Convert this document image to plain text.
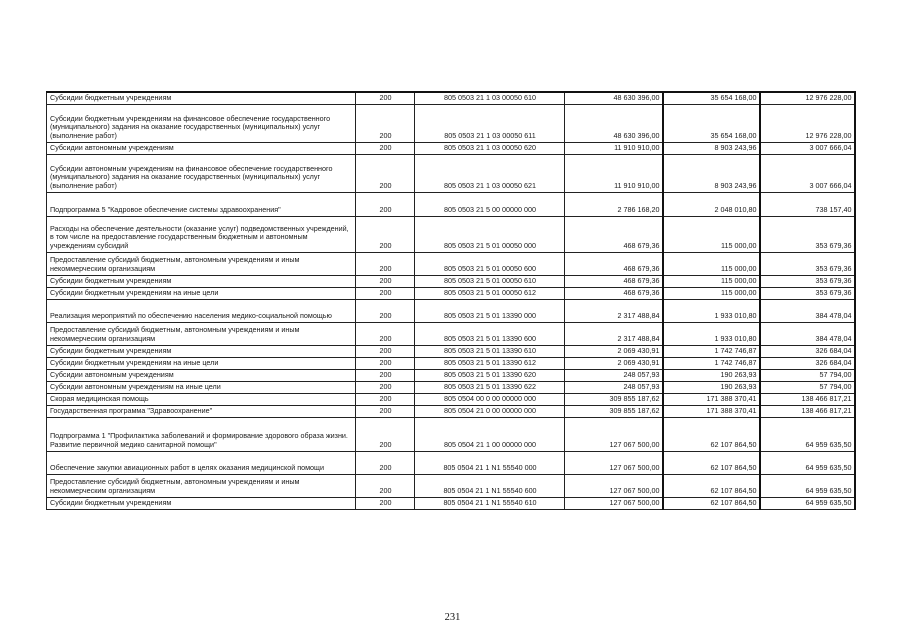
Субсидии бюджетным учреждениям	200	805 0503 21 1 03 00050 610	48 630 396,00	35 654 168,00	12 976 228,00
Субсидии бюджетным учреждениям на финансовое обеспечение государственного (муниципального) задания на оказание государственных (муниципальных) услуг (выполнение работ)	200	805 0503 21 1 03 00050 611	48 630 396,00	35 654 168,00	12 976 228,00
Субсидии автономным учреждениям	200	805 0503 21 1 03 00050 620	11 910 910,00	8 903 243,96	3 007 666,04
Субсидии автономным учреждениям на финансовое обеспечение государственного (муниципального) задания на оказание государственных (муниципальных) услуг (выполнение работ)	200	805 0503 21 1 03 00050 621	11 910 910,00	8 903 243,96	3 007 666,04
Подпрограмма 5 "Кадровое обеспечение системы здравоохранения"	200	805 0503 21 5 00 00000 000	2 786 168,20	2 048 010,80	738 157,40
Расходы на обеспечение деятельности (оказание услуг) подведомственных учреждений, в том числе на предоставление государственным бюджетным и автономным учреждениям субсидий	200	805 0503 21 5 01 00050 000	468 679,36	115 000,00	353 679,36
Предоставление субсидий бюджетным, автономным учреждениям и иным некоммерческим организациям	200	805 0503 21 5 01 00050 600	468 679,36	115 000,00	353 679,36
Субсидии бюджетным учреждениям	200	805 0503 21 5 01 00050 610	468 679,36	115 000,00	353 679,36
Субсидии бюджетным учреждениям на иные цели	200	805 0503 21 5 01 00050 612	468 679,36	115 000,00	353 679,36
Реализация мероприятий по обеспечению населения медико-социальной помощью	200	805 0503 21 5 01 13390 000	2 317 488,84	1 933 010,80	384 478,04
Предоставление субсидий бюджетным, автономным учреждениям и иным некоммерческим организациям	200	805 0503 21 5 01 13390 600	2 317 488,84	1 933 010,80	384 478,04
Субсидии бюджетным учреждениям	200	805 0503 21 5 01 13390 610	2 069 430,91	1 742 746,87	326 684,04
Субсидии бюджетным учреждениям на иные цели	200	805 0503 21 5 01 13390 612	2 069 430,91	1 742 746,87	326 684,04
Субсидии автономным учреждениям	200	805 0503 21 5 01 13390 620	248 057,93	190 263,93	57 794,00
Субсидии автономным учреждениям на иные цели	200	805 0503 21 5 01 13390 622	248 057,93	190 263,93	57 794,00
Скорая медицинская помощь	200	805 0504 00 0 00 00000 000	309 855 187,62	171 388 370,41	138 466 817,21
Государственная программа "Здравоохранение"	200	805 0504 21 0 00 00000 000	309 855 187,62	171 388 370,41	138 466 817,21
Подпрограмма 1 "Профилактика заболеваний и формирование здорового образа жизни. Развитие первичной медико санитарной помощи"	200	805 0504 21 1 00 00000 000	127 067 500,00	62 107 864,50	64 959 635,50
Обеспечение закупки авиационных работ в целях оказания медицинской помощи	200	805 0504 21 1 N1 55540 000	127 067 500,00	62 107 864,50	64 959 635,50
Предоставление субсидий бюджетным, автономным учреждениям и иным некоммерческим организациям	200	805 0504 21 1 N1 55540 600	127 067 500,00	62 107 864,50	64 959 635,50
Субсидии бюджетным учреждениям	200	805 0504 21 1 N1 55540 610	127 067 500,00	62 107 864,50	64 959 635,50
231
